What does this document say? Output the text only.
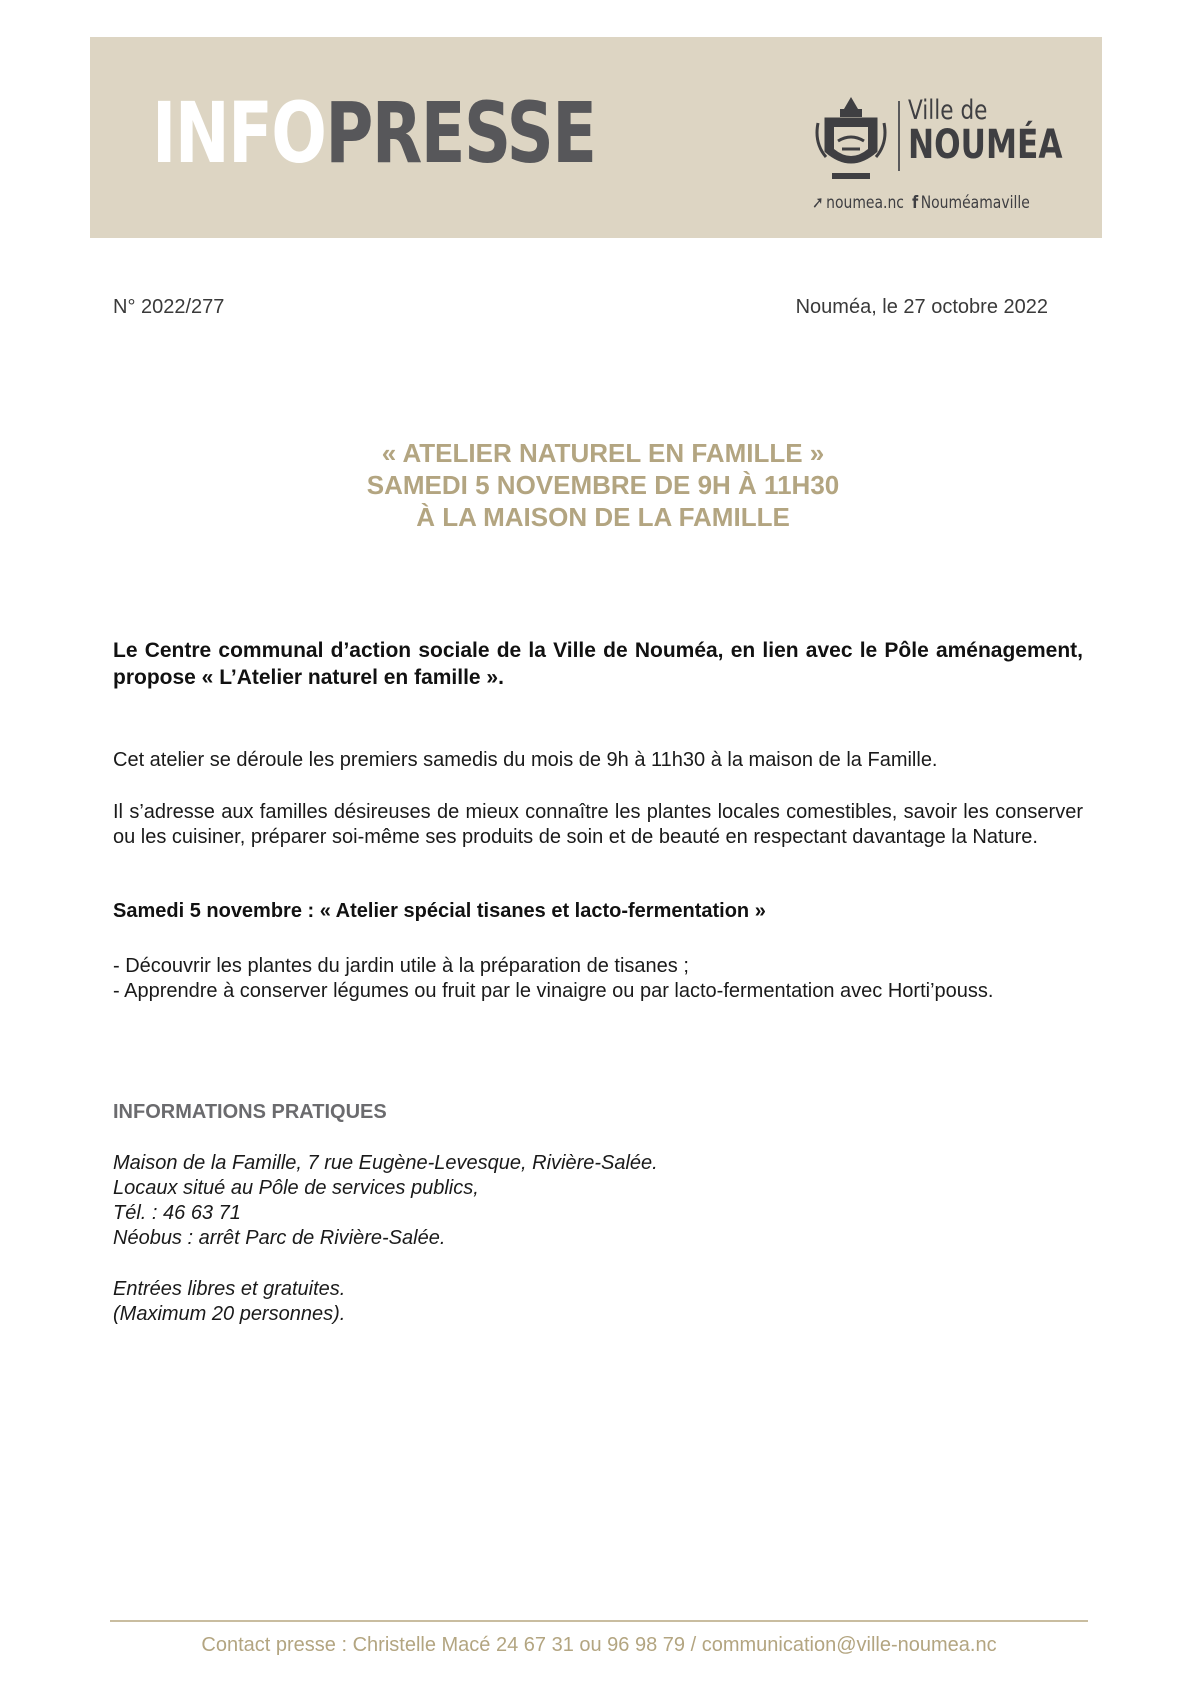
INFOPRESSE	Ville de
NOUMÉA
➚ noumea.nc f Nouméamaville
N° 2022/277	Nouméa, le 27 octobre 2022
« ATELIER NATUREL EN FAMILLE »
SAMEDI 5 NOVEMBRE DE 9H À 11H30
À LA MAISON DE LA FAMILLE
Le Centre communal d’action sociale de la Ville de Nouméa, en lien avec le Pôle aménagement, propose « L’Atelier naturel en famille ».
Cet atelier se déroule les premiers samedis du mois de 9h à 11h30 à la maison de la Famille.
Il s’adresse aux familles désireuses de mieux connaître les plantes locales comestibles, savoir les conserver ou les cuisiner, préparer soi-même ses produits de soin et de beauté en respectant davantage la Nature.
Samedi 5 novembre : « Atelier spécial tisanes et lacto-fermentation »
- Découvrir les plantes du jardin utile à la préparation de tisanes ;
- Apprendre à conserver légumes ou fruit par le vinaigre ou par lacto-fermentation avec Horti’pouss.
INFORMATIONS PRATIQUES
Maison de la Famille, 7 rue Eugène-Levesque, Rivière-Salée.
Locaux situé au Pôle de services publics,
Tél. : 46 63 71
Néobus : arrêt Parc de Rivière-Salée.
Entrées libres et gratuites.
(Maximum 20 personnes).
Contact presse : Christelle Macé 24 67 31 ou 96 98 79 / communication@ville-noumea.nc
